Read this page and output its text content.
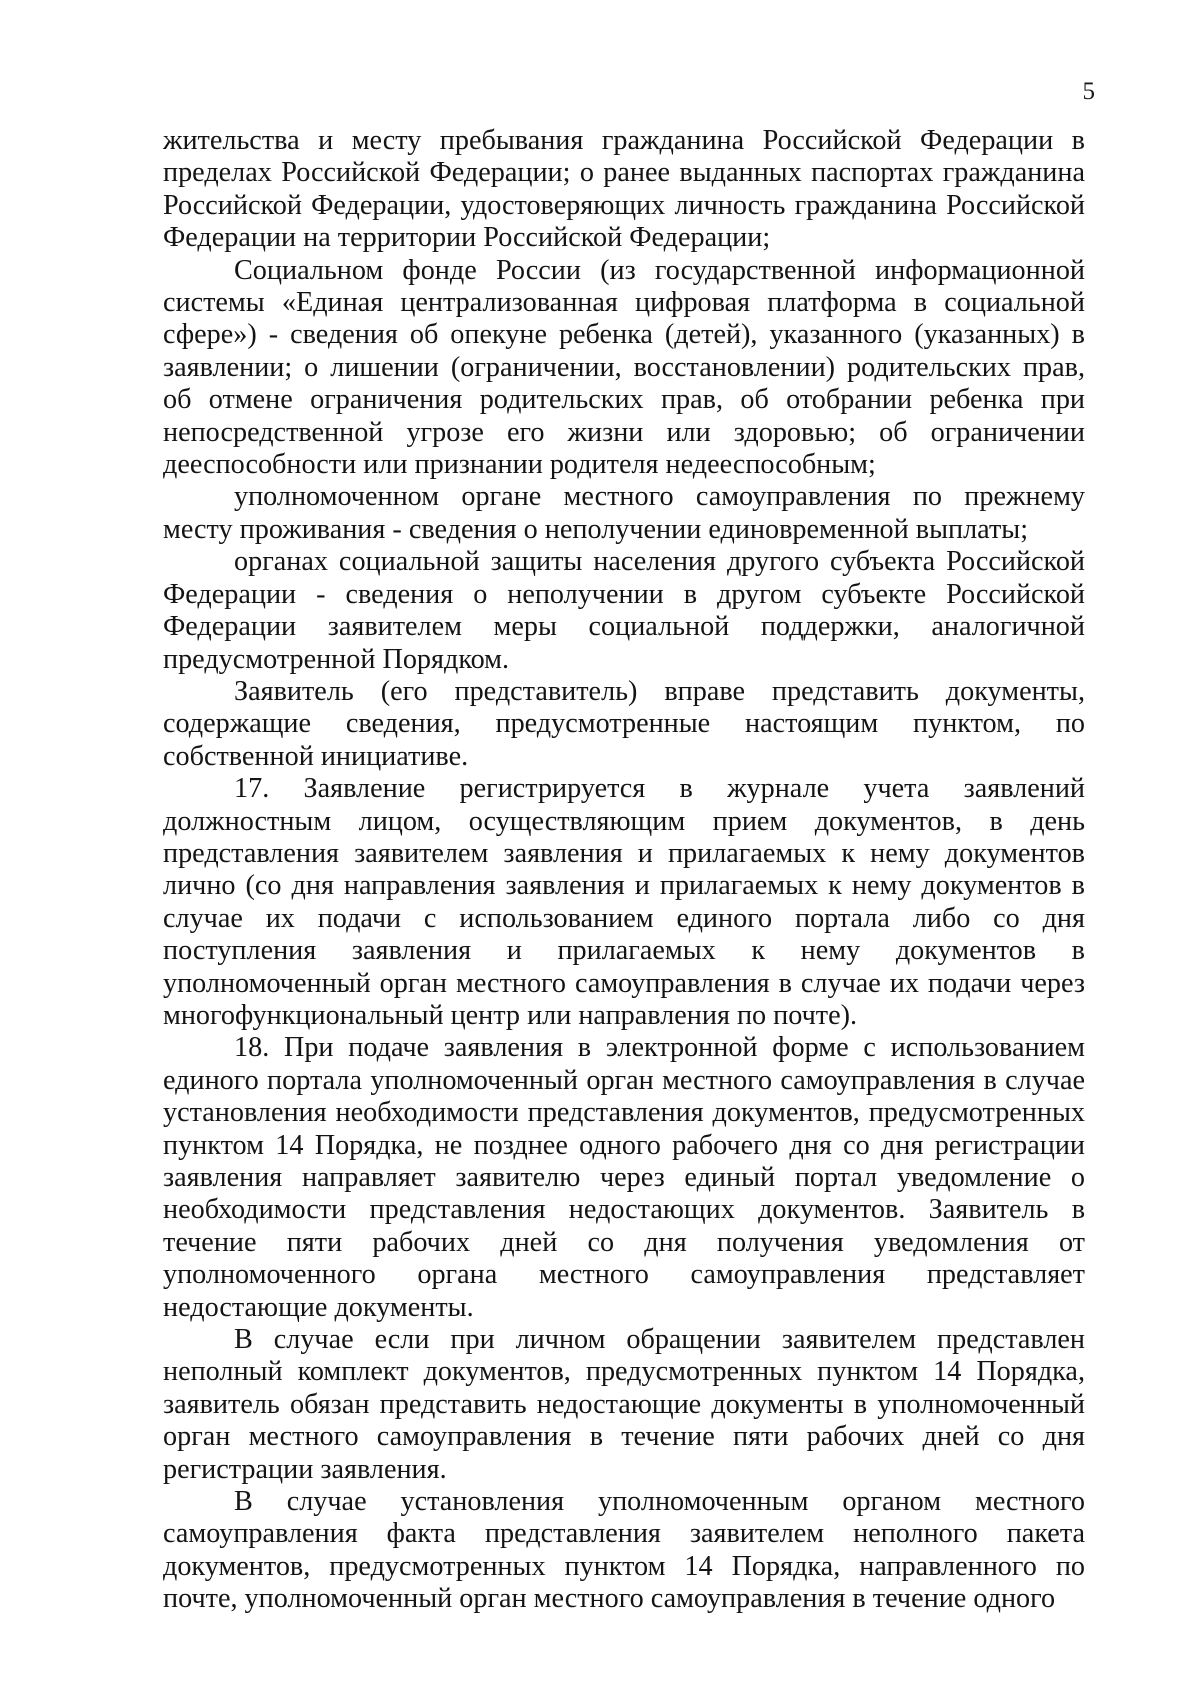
5

жительства и месту пребывания гражданина Российской Федерации в пределах Российской Федерации; о ранее выданных паспортах гражданина Российской Федерации, удостоверяющих личность гражданина Российской Федерации на территории Российской Федерации;

Социальном фонде России (из государственной информационной системы «Единая централизованная цифровая платформа в социальной сфере») - сведения об опекуне ребенка (детей), указанного (указанных) в заявлении; о лишении (ограничении, восстановлении) родительских прав, об отмене ограничения родительских прав, об отобрании ребенка при непосредственной угрозе его жизни или здоровью; об ограничении дееспособности или признании родителя недееспособным;

уполномоченном органе местного самоуправления по прежнему месту проживания - сведения о неполучении единовременной выплаты;

органах социальной защиты населения другого субъекта Российской Федерации - сведения о неполучении в другом субъекте Российской Федерации заявителем меры социальной поддержки, аналогичной предусмотренной Порядком.

Заявитель (его представитель) вправе представить документы, содержащие сведения, предусмотренные настоящим пунктом, по собственной инициативе.

17. Заявление регистрируется в журнале учета заявлений должностным лицом, осуществляющим прием документов, в день представления заявителем заявления и прилагаемых к нему документов лично (со дня направления заявления и прилагаемых к нему документов в случае их подачи с использованием единого портала либо со дня поступления заявления и прилагаемых к нему документов в уполномоченный орган местного самоуправления в случае их подачи через многофункциональный центр или направления по почте).

18. При подаче заявления в электронной форме с использованием единого портала уполномоченный орган местного самоуправления в случае установления необходимости представления документов, предусмотренных пунктом 14 Порядка, не позднее одного рабочего дня со дня регистрации заявления направляет заявителю через единый портал уведомление о необходимости представления недостающих документов. Заявитель в течение пяти рабочих дней со дня получения уведомления от уполномоченного органа местного самоуправления представляет недостающие документы.

В случае если при личном обращении заявителем представлен неполный комплект документов, предусмотренных пунктом 14 Порядка, заявитель обязан представить недостающие документы в уполномоченный орган местного самоуправления в течение пяти рабочих дней со дня регистрации заявления.

В случае установления уполномоченным органом местного самоуправления факта представления заявителем неполного пакета документов, предусмотренных пунктом 14 Порядка, направленного по почте, уполномоченный орган местного самоуправления в течение одного
